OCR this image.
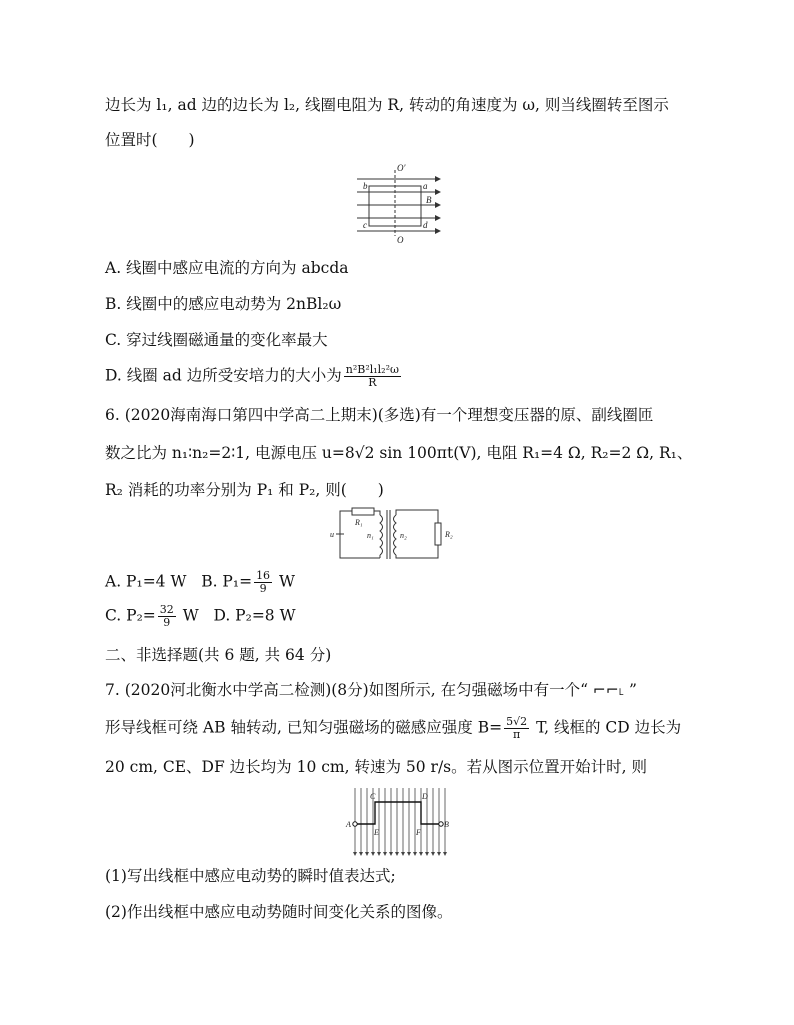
边长为 l₁, ad 边的边长为 l₂, 线圈电阻为 R, 转动的角速度为 ω, 则当线圈转至图示
位置时(　　)
O′
O
b	a
c	d
B
A. 线圈中感应电流的方向为 abcda
B. 线圈中的感应电动势为 2nBl₂ω
C. 穿过线圈磁通量的变化率最大
D. 线圈 ad 边所受安培力的大小为 $\frac{\text{n²B²l₁l₂²ω}}{R}$
6. (2020海南海口第四中学高二上期末)(多选)有一个理想变压器的原、副线圈匝
数之比为 n₁∶n₂=2∶1, 电源电压 u=8√2 sin 100πt(V), 电阻 R₁=4 Ω, R₂=2 Ω, R₁、
R₂ 消耗的功率分别为 P₁ 和 P₂, 则(　　)
R₁
u	n₁	n₂	R₂
A. P₁=4 W B. $P_1= \frac{16}{9}$ W
C. $P_2= \frac{32}{9}$ W D. P₂=8 W
二、非选择题(共 6 题, 共 64 分)
7. (2020河北衡水中学高二检测)(8分)如图所示, 在匀强磁场中有一个“ ⌐⌐˪ ”
形导线框可绕 AB 轴转动, 已知匀强磁场的磁感应强度 $B= \frac{5√2}{\pi} T$, 线框的 CD 边长为
20 cm, CE、DF 边长均为 10 cm, 转速为 50 r/s。若从图示位置开始计时, 则
A	B
C	D
E	F
(1)写出线框中感应电动势的瞬时值表达式;
(2)作出线框中感应电动势随时间变化关系的图像。
